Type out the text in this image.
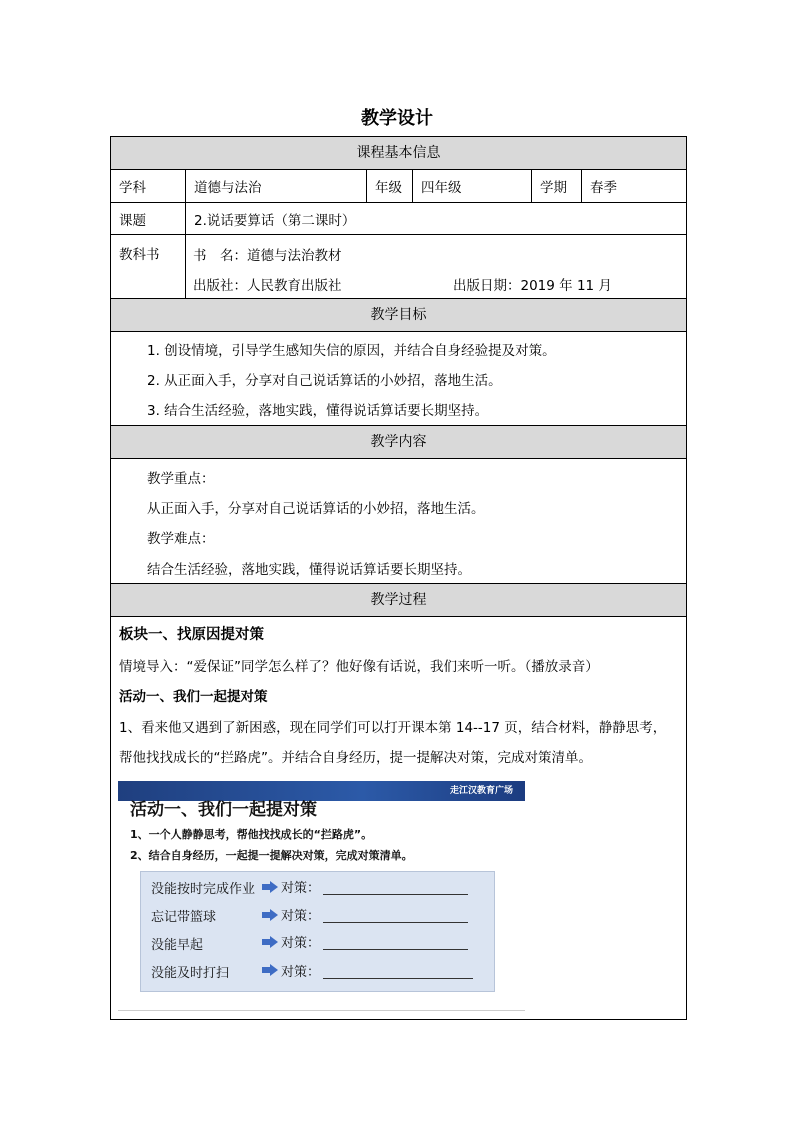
教学设计
课程基本信息
学科	道德与法治	年级	四年级	学期	春季
课题	2.说话要算话（第二课时）
教科书	书　名：道德与法治教材
出版社：人民教育出版社	出版日期：2019 年 11 月
教学目标
1. 创设情境，引导学生感知失信的原因，并结合自身经验提及对策。
2. 从正面入手，分享对自己说话算话的小妙招，落地生活。
3. 结合生活经验，落地实践，懂得说话算话要长期坚持。
教学内容
教学重点：
从正面入手，分享对自己说话算话的小妙招，落地生活。
教学难点：
结合生活经验，落地实践，懂得说话算话要长期坚持。
教学过程
板块一、找原因提对策
情境导入：“爱保证”同学怎么样了？他好像有话说，我们来听一听。（播放录音）
活动一、我们一起提对策
1、看来他又遇到了新困惑，现在同学们可以打开课本第 14--17 页，结合材料，静静思考，
帮他找找成长的“拦路虎”。并结合自身经历，提一提解决对策，完成对策清单。
走江汉教育广场
活动一、我们一起提对策
1、一个人静静思考，帮他找找成长的“拦路虎”。
2、结合自身经历，一起提一提解决对策，完成对策清单。
没能按时完成作业 对策：
忘记带篮球	对策：
没能早起	对策：
没能及时打扫	对策：
